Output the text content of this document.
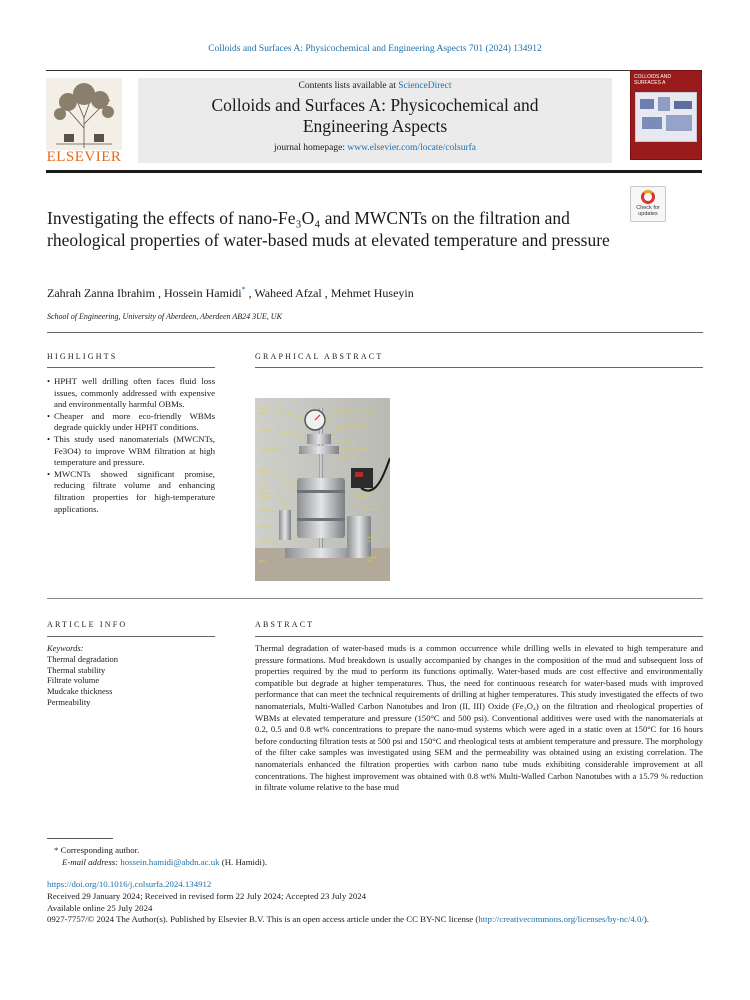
Colloids and Surfaces A: Physicochemical and Engineering Aspects 701 (2024) 134912
ELSEVIER
Contents lists available at ScienceDirect
Colloids and Surfaces A: Physicochemical and
Engineering Aspects
journal homepage: www.elsevier.com/locate/colsurfa
COLLOIDS AND SURFACES A
Check for
updates
Investigating the effects of nano-Fe₃O₄ and MWCNTs on the filtration and rheological properties of water-based muds at elevated temperature and pressure
Zahrah Zanna Ibrahim , Hossein Hamidi* , Waheed Afzal , Mehmet Huseyin
School of Engineering, University of Aberdeen, Aberdeen AB24 3UE, UK
HIGHLIGHTS	GRAPHICAL ABSTRACT
• HPHT well drilling often faces fluid loss issues, commonly addressed with expensive and environmentally harmful OBMs.
• Cheaper and more eco-friendly WBMs degrade quickly under HPHT conditions.
• This study used nanomaterials (MWCNTs, Fe3O4) to improve WBM filtration at high temperature and pressure.
• MWCNTs showed significant promise, reducing filtrate volume and enhancing filtration properties for high-temperature applications.
Pressure
gauge
Regulator
CO₂ cartridge
Heating
jacket
Back-
pressure
regulator
Relief valve
Receiver
Outlet valve
Base
CO₂ pressuring assembly
Barrel - Air/CO₂ inlet
Inside valve
Pressuring gas relief
Outer valve
Temperature
regulator
Thermometer
Ageing
cell
Ageing
cell
ARTICLE INFO	ABSTRACT
Keywords:
Thermal degradation
Thermal stability
Filtrate volume
Mudcake thickness
Permeability

Thermal degradation of water-based muds is a common occurrence while drilling wells in elevated to high temperature and pressure formations. Mud breakdown is usually accompanied by changes in the composition of the mud and subsequent loss of properties required by the mud to perform its functions optimally. Water-based muds are cost effective and environmentally compatible but degrade at higher temperatures. Thus, the need for continuous research for water-based muds with improved performance that can meet the technical requirements of drilling at higher temperatures. This study investigated the effects of two nanomaterials, Multi-Walled Carbon Nanotubes and Iron (II, III) Oxide (Fe₃O₄) on the filtration and rheological properties of WBMs at elevated temperature and pressure (150°C and 500 psi). Conventional additives were used with the nanomaterials at 0.2, 0.5 and 0.8 wt% concentrations to prepare the nano-mud systems which were aged in a static oven at 150°C for 16 hours before conducting filtration tests at 500 psi and 150°C and rheological tests at ambient temperature and pressure. The morphology of the filter cake samples was investigated using SEM and the permeability was obtained using an existing correlation. The nanomaterials enhanced the filtration properties with carbon nano tube muds exhibiting considerable improvement at all concentrations. The highest improvement was obtained with 0.8 wt% Multi-Walled Carbon Nanotubes with a 15.79 % reduction in filtrate volume relative to the base mud

* Corresponding author.
E-mail address: hossein.hamidi@abdn.ac.uk (H. Hamidi).
https://doi.org/10.1016/j.colsurfa.2024.134912
Received 29 January 2024; Received in revised form 22 July 2024; Accepted 23 July 2024
Available online 25 July 2024
0927-7757/© 2024 The Author(s). Published by Elsevier B.V. This is an open access article under the CC BY-NC license (http://creativecommons.org/licenses/by-nc/4.0/).
